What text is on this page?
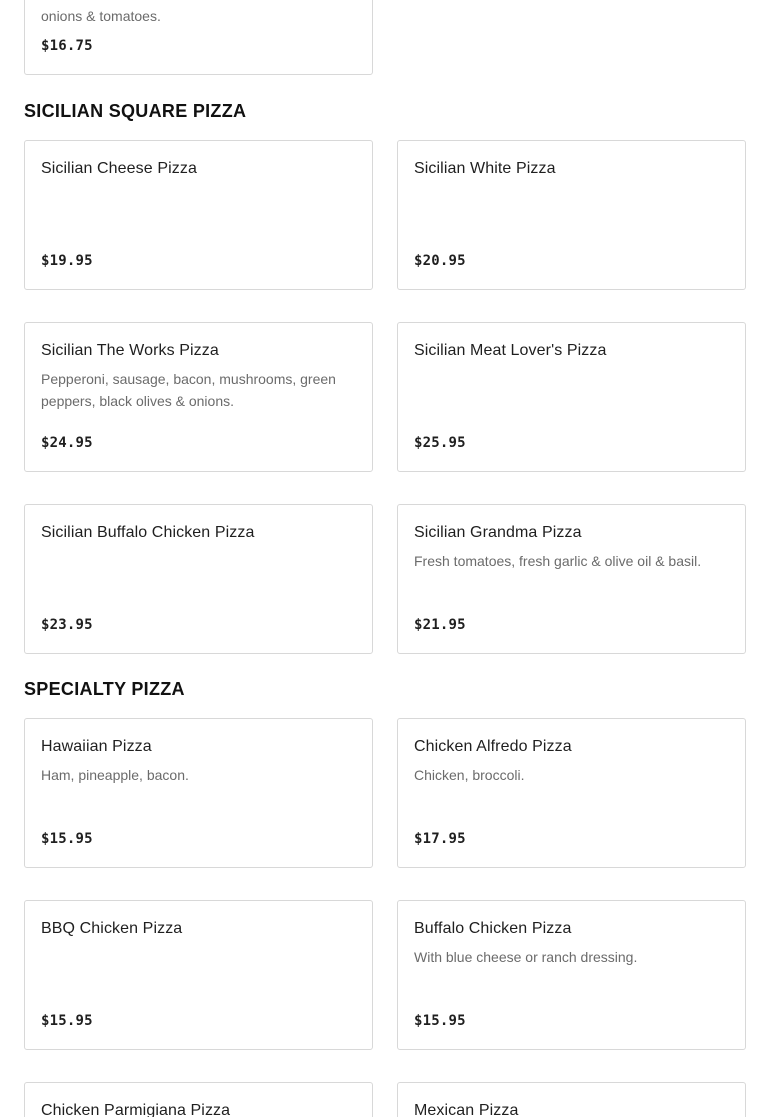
onions & tomatoes.
$16.75
SICILIAN SQUARE PIZZA
Sicilian Cheese Pizza
$19.95
Sicilian White Pizza
$20.95
Sicilian The Works Pizza
Pepperoni, sausage, bacon, mushrooms, green peppers, black olives & onions.
$24.95
Sicilian Meat Lover's Pizza
$25.95
Sicilian Buffalo Chicken Pizza
$23.95
Sicilian Grandma Pizza
Fresh tomatoes, fresh garlic & olive oil & basil.
$21.95
SPECIALTY PIZZA
Hawaiian Pizza
Ham, pineapple, bacon.
$15.95
Chicken Alfredo Pizza
Chicken, broccoli.
$17.95
BBQ Chicken Pizza
$15.95
Buffalo Chicken Pizza
With blue cheese or ranch dressing.
$15.95
Chicken Parmigiana Pizza	Mexican Pizza
